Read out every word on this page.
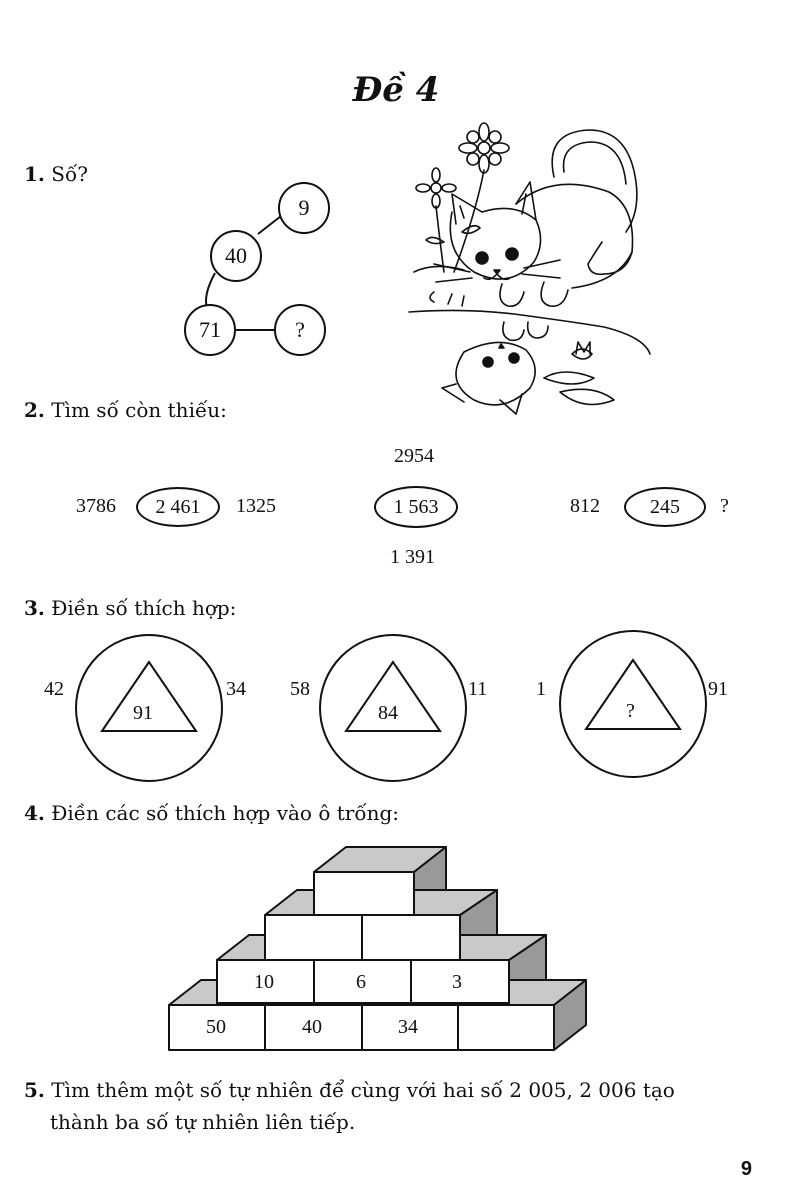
Đề 4
1. Số?
9
40
71	?
2. Tìm số còn thiếu:
3786	2 461	1325
2954
1 563
1 391
812	245	?
3. Điền số thích hợp:
42	34
91
58	11
84
1	91
?
4. Điền các số thích hợp vào ô trống:
10	6	3
50	40	34
5. Tìm thêm một số tự nhiên để cùng với hai số 2 005, 2 006 tạo
thành ba số tự nhiên liên tiếp.
9
